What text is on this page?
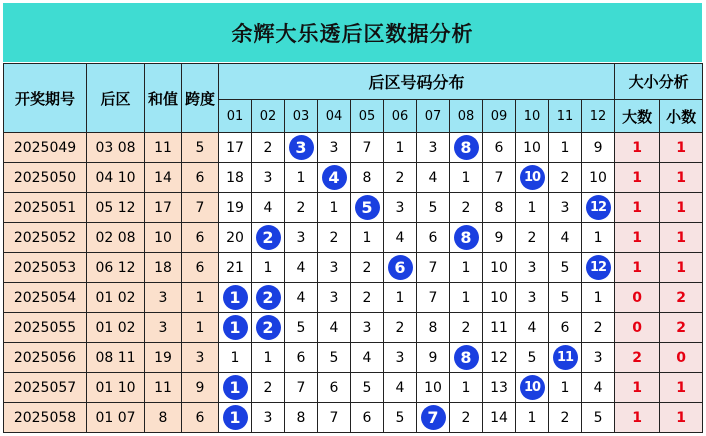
余辉大乐透后区数据分析
开奖期号	后区	和值	跨度	后区号码分布												大小分析	
				01	02	03	04	05	06	07	08	09	10	11	12	大数	小数
2025049	03 08	11	5	17	2	3	3	7	1	3	8	6	10	1	9	1	1
2025050	04 10	14	6	18	3	1	4	8	2	4	1	7	10	2	10	1	1
2025051	05 12	17	7	19	4	2	1	5	3	5	2	8	1	3	12	1	1
2025052	02 08	10	6	20	2	3	2	1	4	6	8	9	2	4	1	1	1
2025053	06 12	18	6	21	1	4	3	2	6	7	1	10	3	5	12	1	1
2025054	01 02	3	1	1	2	4	3	2	1	7	1	10	3	5	1	0	2
2025055	01 02	3	1	1	2	5	4	3	2	8	2	11	4	6	2	0	2
2025056	08 11	19	3	1	1	6	5	4	3	9	8	12	5	11	3	2	0
2025057	01 10	11	9	1	2	7	6	5	4	10	1	13	10	1	4	1	1
2025058	01 07	8	6	1	3	8	7	6	5	7	2	14	1	2	5	1	1
